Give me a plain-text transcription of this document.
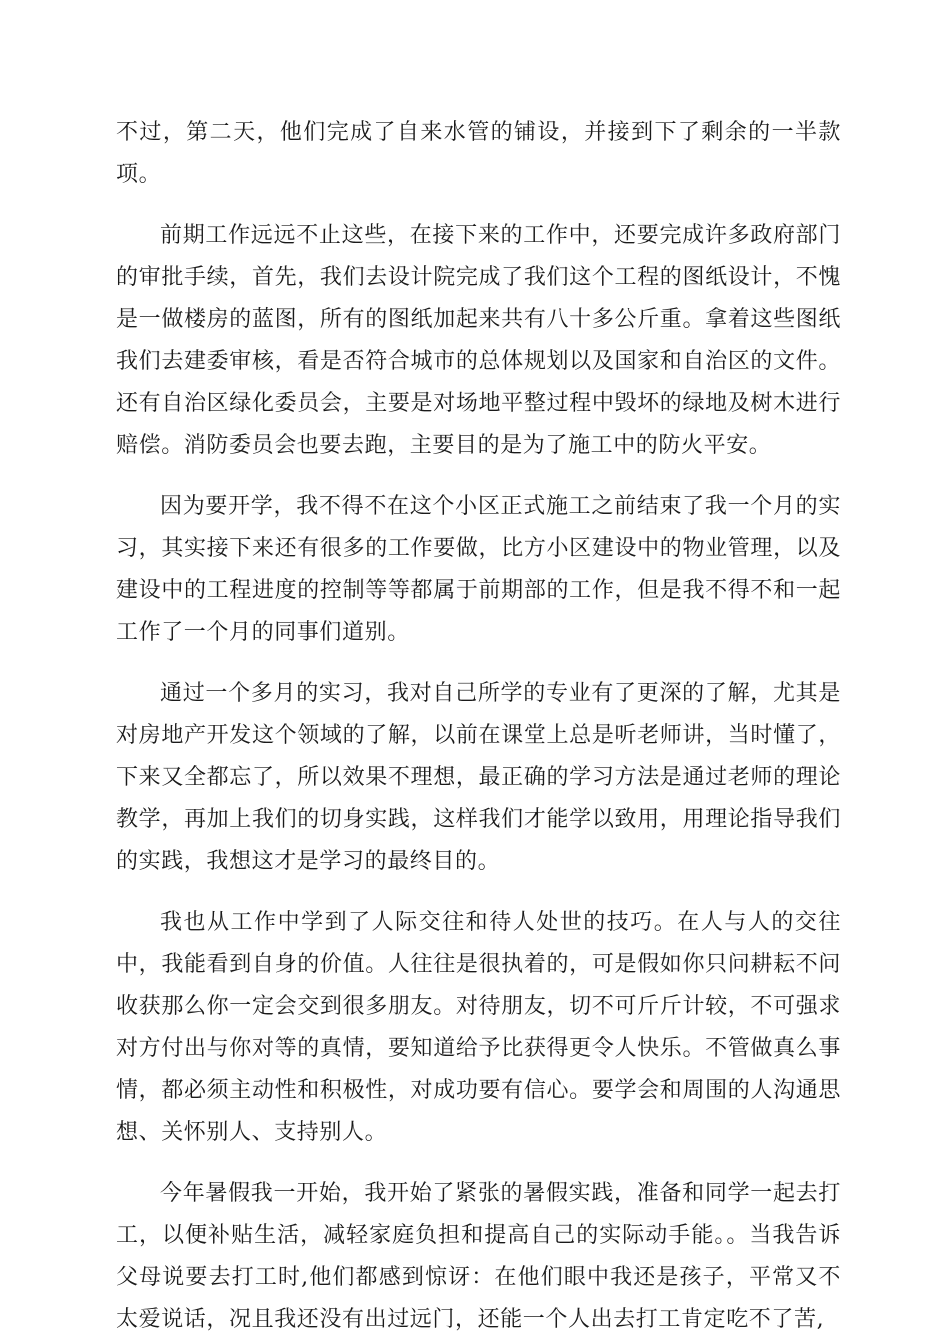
不过，第二天，他们完成了自来水管的铺设，并接到下了剩余的一半款项。

前期工作远远不止这些，在接下来的工作中，还要完成许多政府部门的审批手续，首先，我们去设计院完成了我们这个工程的图纸设计，不愧是一做楼房的蓝图，所有的图纸加起来共有八十多公斤重。拿着这些图纸我们去建委审核，看是否符合城市的总体规划以及国家和自治区的文件。还有自治区绿化委员会，主要是对场地平整过程中毁坏的绿地及树木进行赔偿。消防委员会也要去跑，主要目的是为了施工中的防火平安。

因为要开学，我不得不在这个小区正式施工之前结束了我一个月的实习，其实接下来还有很多的工作要做，比方小区建设中的物业管理，以及建设中的工程进度的控制等等都属于前期部的工作，但是我不得不和一起工作了一个月的同事们道别。

通过一个多月的实习，我对自己所学的专业有了更深的了解，尤其是对房地产开发这个领域的了解，以前在课堂上总是听老师讲，当时懂了，下来又全都忘了，所以效果不理想，最正确的学习方法是通过老师的理论教学，再加上我们的切身实践，这样我们才能学以致用，用理论指导我们的实践，我想这才是学习的最终目的。

我也从工作中学到了人际交往和待人处世的技巧。在人与人的交往中，我能看到自身的价值。人往往是很执着的，可是假如你只问耕耘不问收获那么你一定会交到很多朋友。对待朋友，切不可斤斤计较，不可强求对方付出与你对等的真情，要知道给予比获得更令人快乐。不管做真么事情，都必须主动性和积极性，对成功要有信心。要学会和周围的人沟通思想、关怀别人、支持别人。

今年暑假我一开始，我开始了紧张的暑假实践，准备和同学一起去打工，以便补贴生活，减轻家庭负担和提高自己的实际动手能。。当我告诉父母说要去打工时,他们都感到惊讶：在他们眼中我还是孩子，平常又不太爱说话，况且我还没有出过远门，还能一个人出去打工肯定吃不了苦,
